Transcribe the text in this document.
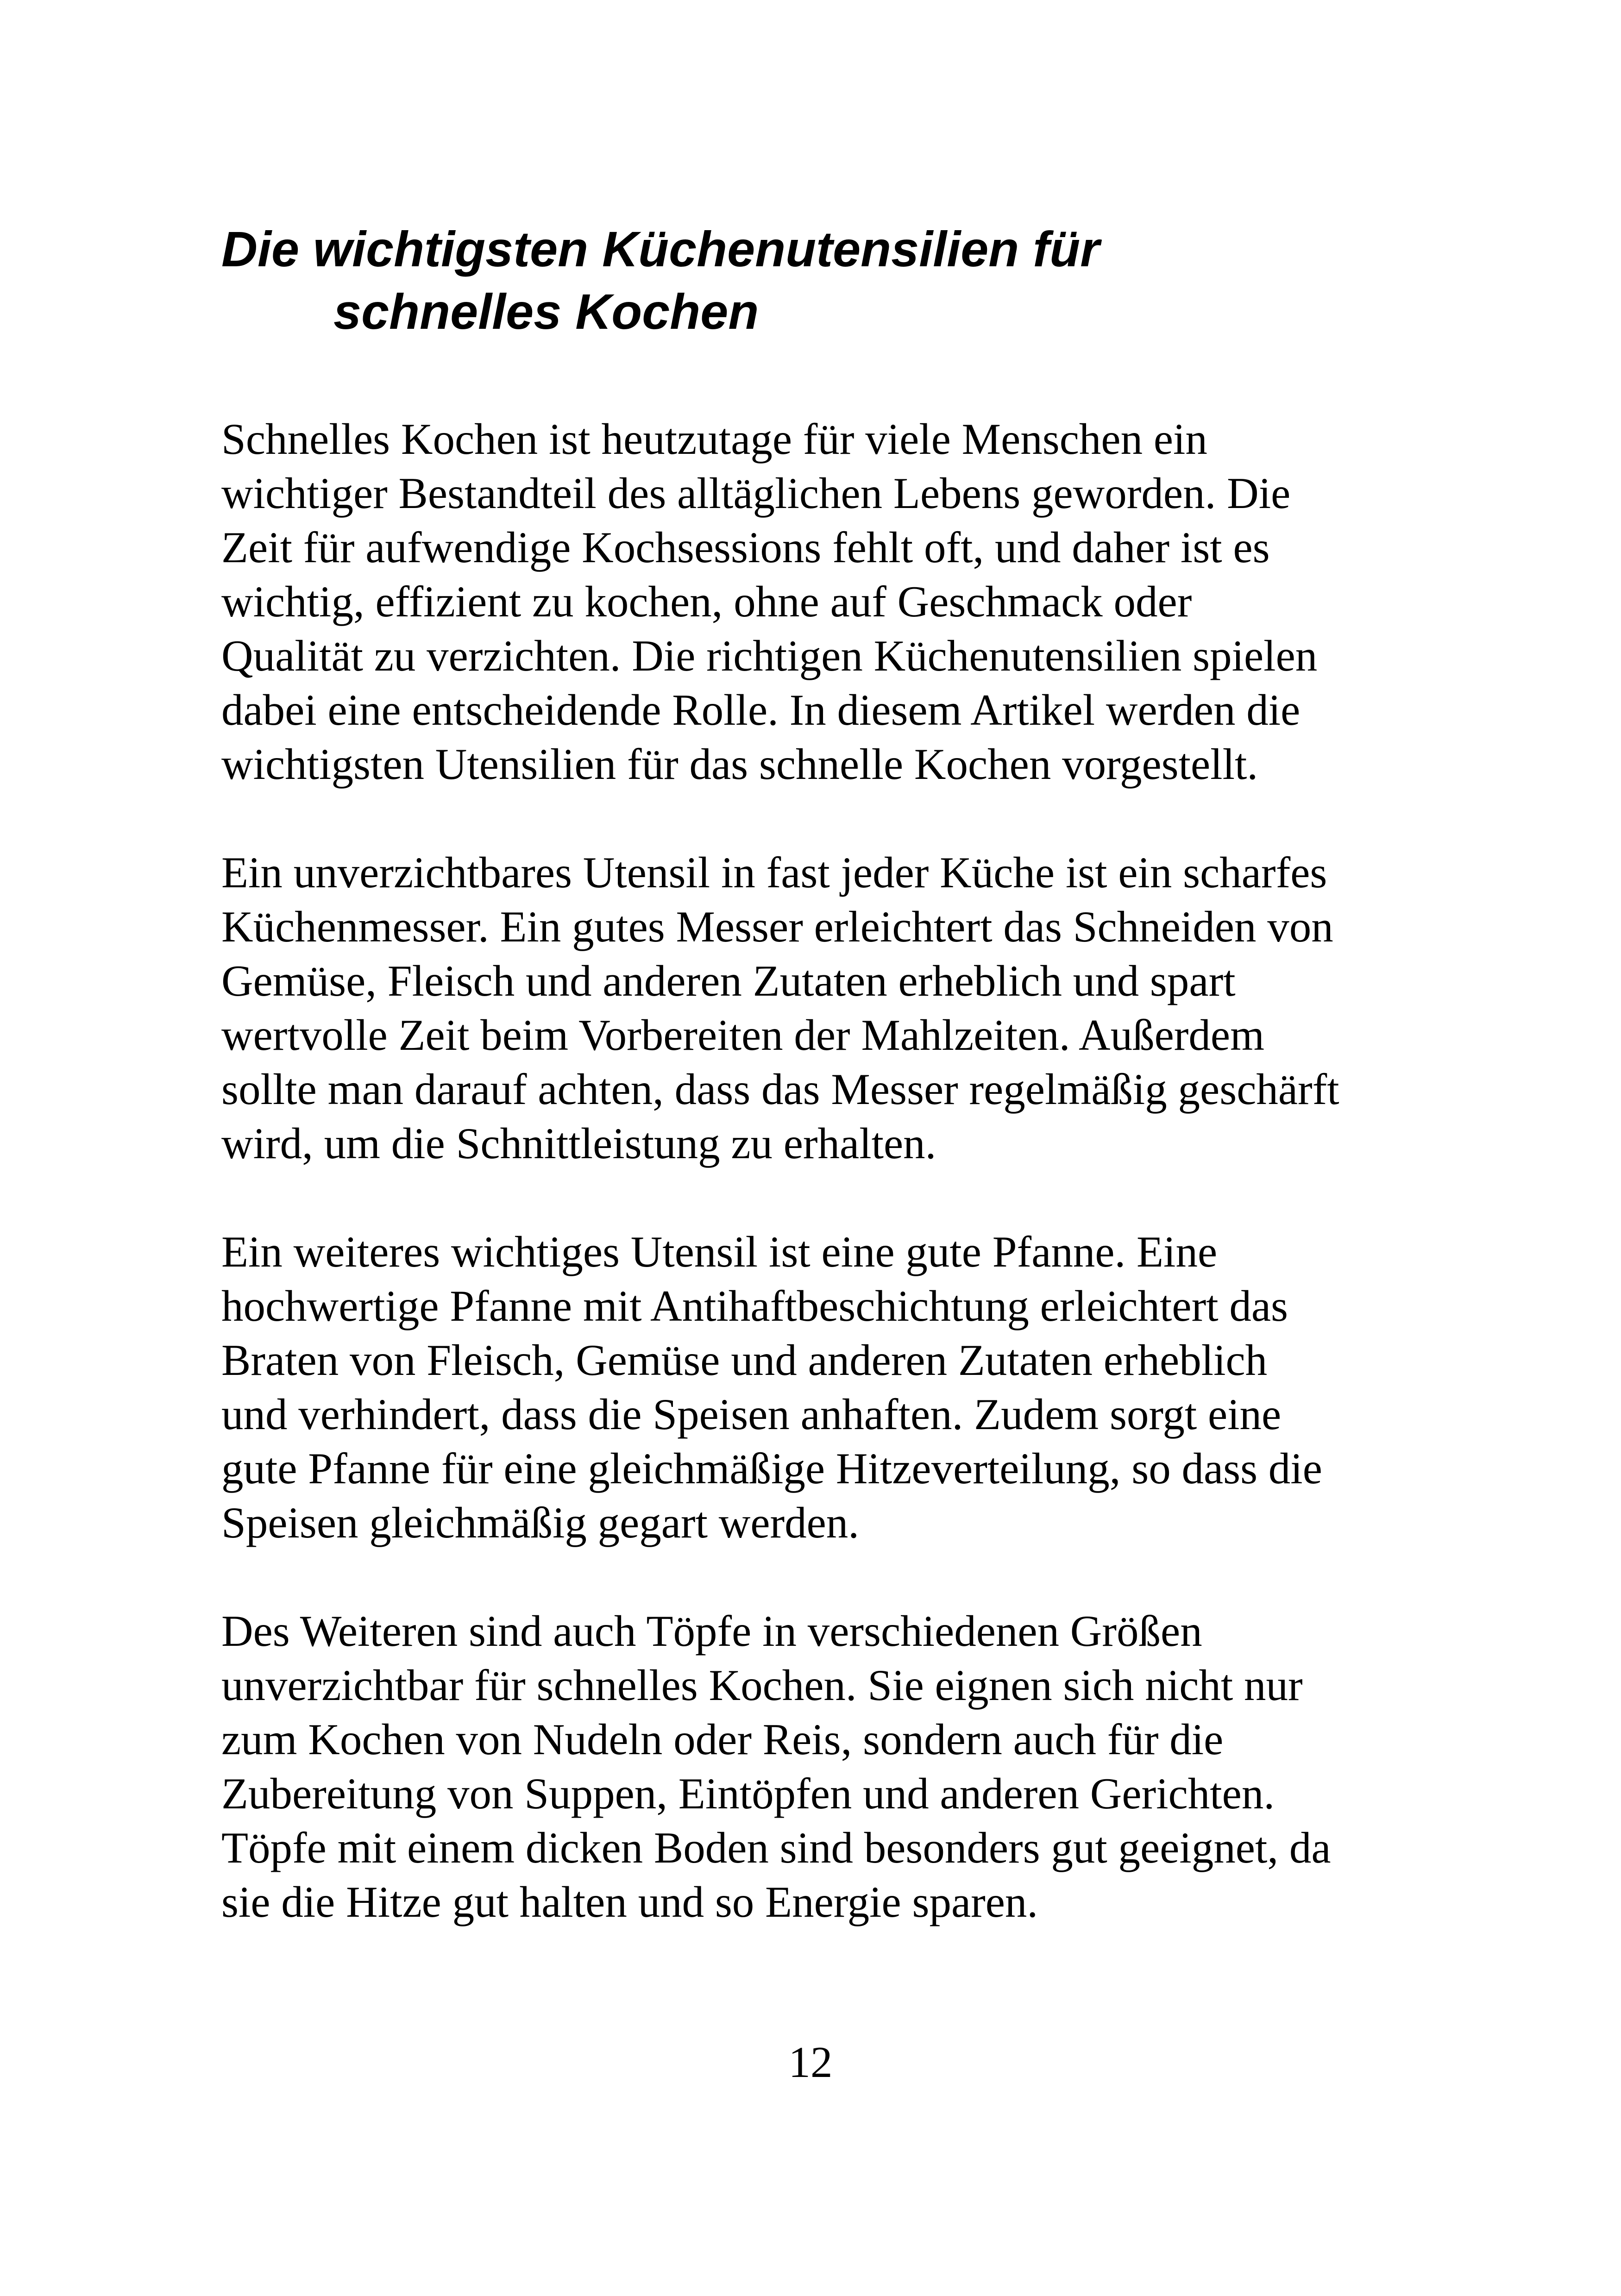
Die wichtigsten Küchenutensilien für
schnelles Kochen

Schnelles Kochen ist heutzutage für viele Menschen ein
wichtiger Bestandteil des alltäglichen Lebens geworden. Die
Zeit für aufwendige Kochsessions fehlt oft, und daher ist es
wichtig, effizient zu kochen, ohne auf Geschmack oder
Qualität zu verzichten. Die richtigen Küchenutensilien spielen
dabei eine entscheidende Rolle. In diesem Artikel werden die
wichtigsten Utensilien für das schnelle Kochen vorgestellt.

Ein unverzichtbares Utensil in fast jeder Küche ist ein scharfes
Küchenmesser. Ein gutes Messer erleichtert das Schneiden von
Gemüse, Fleisch und anderen Zutaten erheblich und spart
wertvolle Zeit beim Vorbereiten der Mahlzeiten. Außerdem
sollte man darauf achten, dass das Messer regelmäßig geschärft
wird, um die Schnittleistung zu erhalten.

Ein weiteres wichtiges Utensil ist eine gute Pfanne. Eine
hochwertige Pfanne mit Antihaftbeschichtung erleichtert das
Braten von Fleisch, Gemüse und anderen Zutaten erheblich
und verhindert, dass die Speisen anhaften. Zudem sorgt eine
gute Pfanne für eine gleichmäßige Hitzeverteilung, so dass die
Speisen gleichmäßig gegart werden.

Des Weiteren sind auch Töpfe in verschiedenen Größen
unverzichtbar für schnelles Kochen. Sie eignen sich nicht nur
zum Kochen von Nudeln oder Reis, sondern auch für die
Zubereitung von Suppen, Eintöpfen und anderen Gerichten.
Töpfe mit einem dicken Boden sind besonders gut geeignet, da
sie die Hitze gut halten und so Energie sparen.

12
